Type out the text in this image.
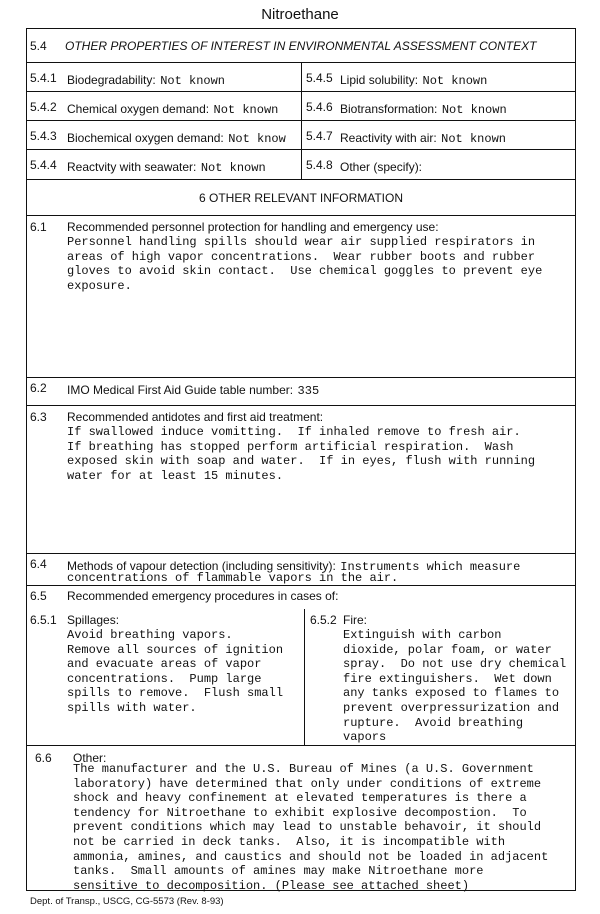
Nitroethane
5.4 OTHER PROPERTIES OF INTEREST IN ENVIRONMENTAL ASSESSMENT CONTEXT
5.4.1 Biodegradability: Not known	5.4.5 Lipid solubility: Not known
5.4.2 Chemical oxygen demand: Not known 5.4.6 Biotransformation: Not known
5.4.3 Biochemical oxygen demand: Not know 5.4.7 Reactivity with air: Not known
5.4.4 Reactvity with seawater: Not known	5.4.8 Other (specify):
6 OTHER RELEVANT INFORMATION
6.1 Recommended personnel protection for handling and emergency use:
Personnel handling spills should wear air supplied respirators in
areas of high vapor concentrations.  Wear rubber boots and rubber
gloves to avoid skin contact.  Use chemical goggles to prevent eye
exposure.
6.2 IMO Medical First Aid Guide table number: 335
6.3 Recommended antidotes and first aid treatment:
If swallowed induce vomitting.  If inhaled remove to fresh air.
If breathing has stopped perform artificial respiration.  Wash
exposed skin with soap and water.  If in eyes, flush with running
water for at least 15 minutes.
6.4 Methods of vapour detection (including sensitivity): Instruments which measure
concentrations of flammable vapors in the air.
6.5 Recommended emergency procedures in cases of:
6.5.1 Spillages:
Avoid breathing vapors.
Remove all sources of ignition
and evacuate areas of vapor
concentrations.  Pump large
spills to remove.  Flush small
spills with water.
6.5.2 Fire:
Extinguish with carbon
dioxide, polar foam, or water
spray.  Do not use dry chemical
fire extinguishers.  Wet down
any tanks exposed to flames to
prevent overpressurization and
rupture.  Avoid breathing
vapors
6.6 Other:
The manufacturer and the U.S. Bureau of Mines (a U.S. Government
laboratory) have determined that only under conditions of extreme
shock and heavy confinement at elevated temperatures is there a
tendency for Nitroethane to exhibit explosive decompostion.  To
prevent conditions which may lead to unstable behavoir, it should
not be carried in deck tanks.  Also, it is incompatible with
ammonia, amines, and caustics and should not be loaded in adjacent
tanks.  Small amounts of amines may make Nitroethane more
sensitive to decomposition. (Please see attached sheet)
Dept. of Transp., USCG, CG-5573 (Rev. 8-93)
